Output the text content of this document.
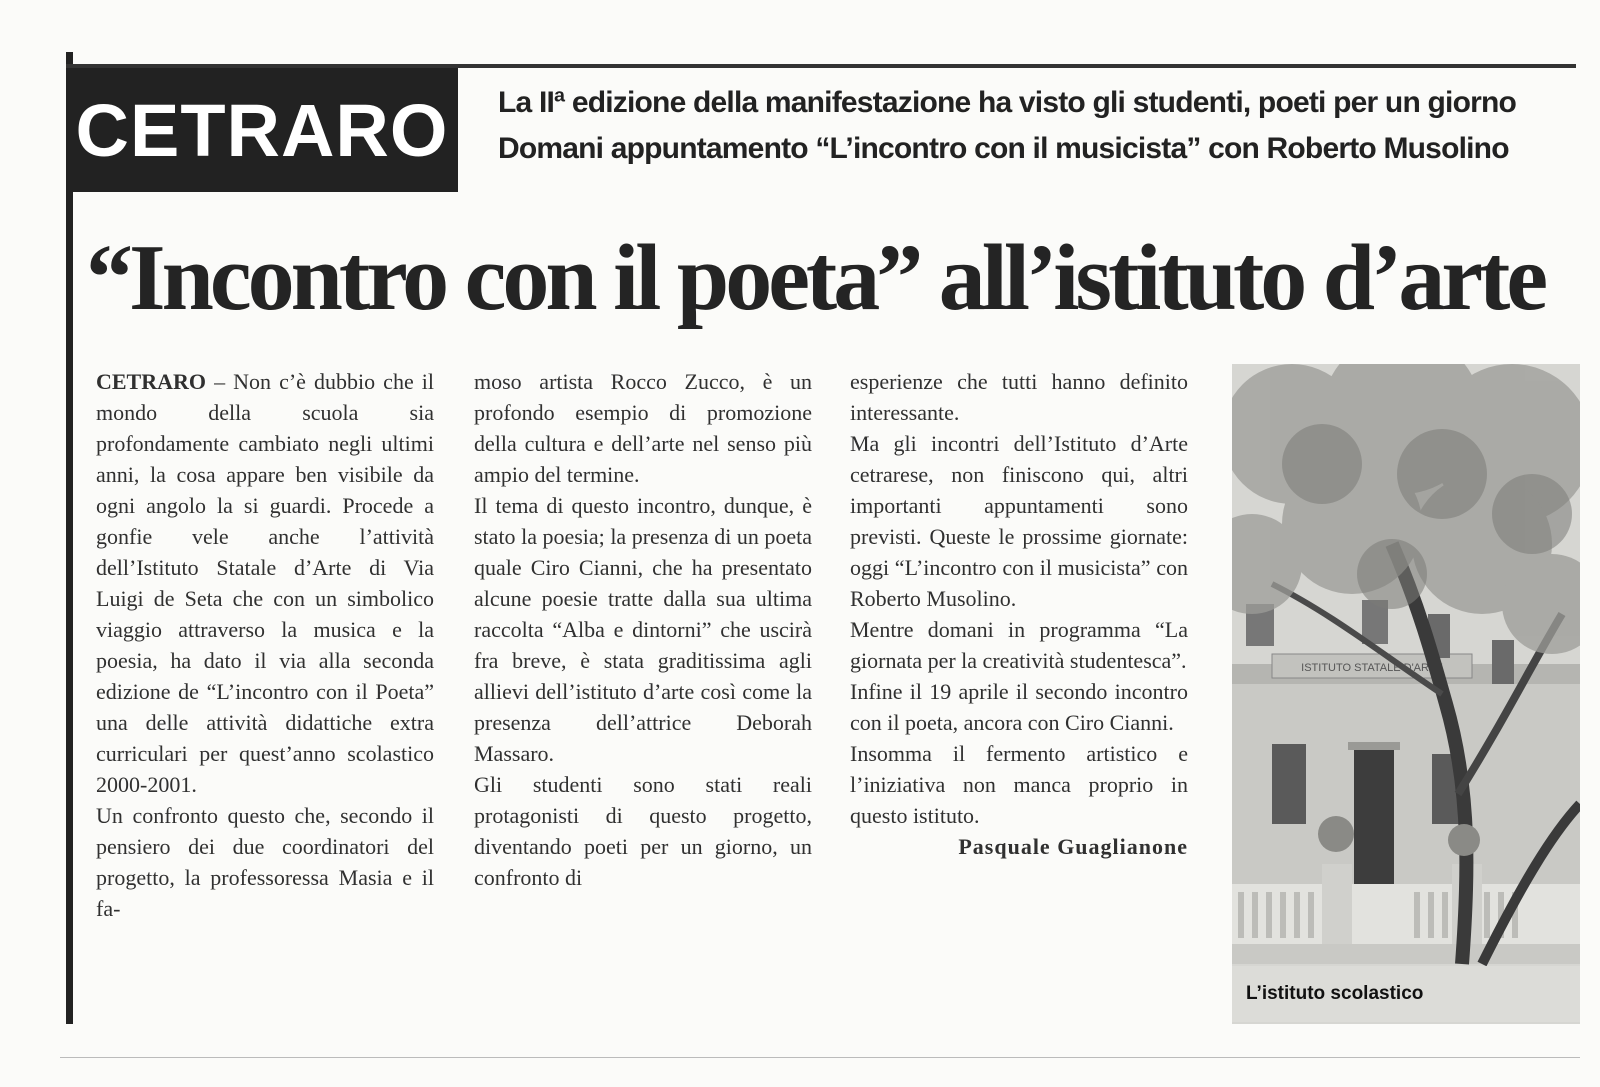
CETRARO La IIª edizione della manifestazione ha visto gli studenti, poeti per un giorno
Domani appuntamento “L’incontro con il musicista” con Roberto Musolino
“Incontro con il poeta” all’istituto d’arte

CETRARO – Non c’è dubbio che il mondo della scuola sia profondamente cambiato negli ultimi anni, la cosa appare ben visibile da ogni angolo la si guardi. Procede a gonfie vele anche l’attività dell’Istituto Statale d’Arte di Via Luigi de Seta che con un simbolico viaggio attraverso la musica e la poesia, ha dato il via alla seconda edizione de “L’incontro con il Poeta” una delle attività didattiche extra curriculari per quest’anno scolastico 2000-2001.

Un confronto questo che, secondo il pensiero dei due coordinatori del progetto, la professoressa Masia e il fa-

moso artista Rocco Zucco, è un profondo esempio di promozione della cultura e dell’arte nel senso più ampio del termine.

Il tema di questo incontro, dunque, è stato la poesia; la presenza di un poeta quale Ciro Cianni, che ha presentato alcune poesie tratte dalla sua ultima raccolta “Alba e dintorni” che uscirà fra breve, è stata graditissima agli allievi dell’istituto d’arte così come la presenza dell’attrice Deborah Massaro.

Gli studenti sono stati reali protagonisti di questo progetto, diventando poeti per un giorno, un confronto di

esperienze che tutti hanno definito interessante.

Ma gli incontri dell’Istituto d’Arte cetrarese, non finiscono qui, altri importanti appuntamenti sono previsti. Queste le prossime giornate: oggi “L’incontro con il musicista” con Roberto Musolino.

Mentre domani in programma “La giornata per la creatività studentesca”.

Infine il 19 aprile il secondo incontro con il poeta, ancora con Ciro Cianni.

Insomma il fermento artistico e l’iniziativa non manca proprio in questo istituto.

Pasquale Guaglianone

ISTITUTO STATALE D'ARTE
L’istituto scolastico
